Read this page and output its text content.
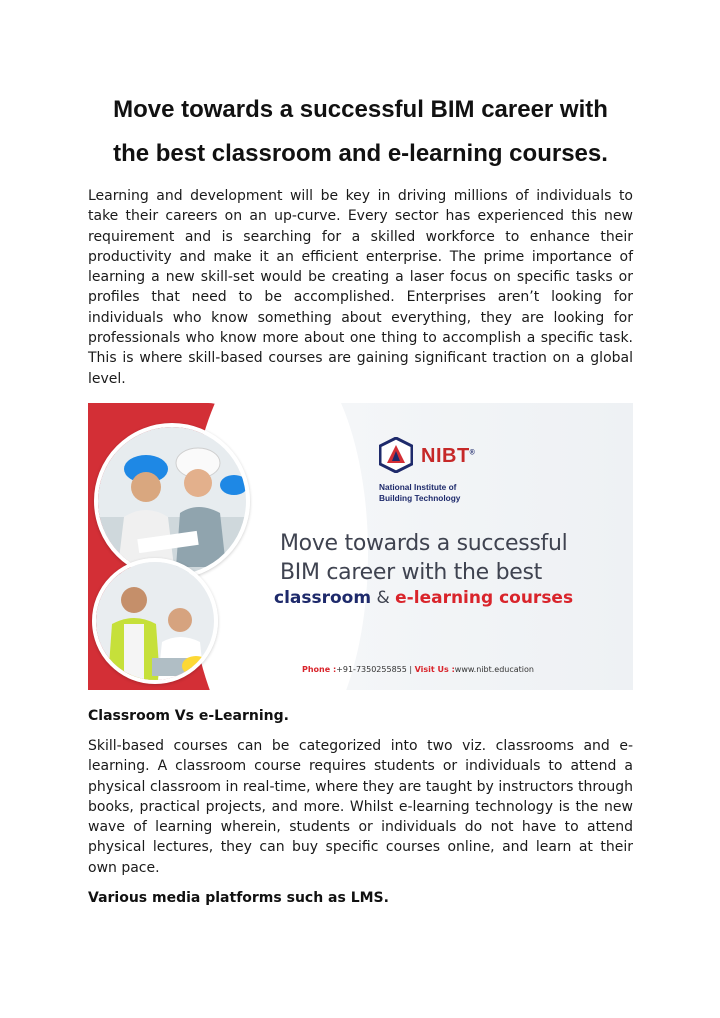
Move towards a successful BIM career with
the best classroom and e-learning courses.

Learning and development will be key in driving millions of individuals to take their careers on an up-curve. Every sector has experienced this new requirement and is searching for a skilled workforce to enhance their productivity and make it an efficient enterprise. The prime importance of learning a new skill-set would be creating a laser focus on specific tasks or profiles that need to be accomplished. Enterprises aren’t looking for individuals who know something about everything, they are looking for professionals who know more about one thing to accomplish a specific task. This is where skill-based courses are gaining significant traction on a global level.

NIBT®
National Institute of
Building Technology
Move towards a successful
BIM career with the best
classroom & e-learning courses
Phone :+91-7350255855 | Visit Us :www.nibt.education
Classroom Vs e-Learning.

Skill-based courses can be categorized into two viz. classrooms and e-learning. A classroom course requires students or individuals to attend a physical classroom in real-time, where they are taught by instructors through books, practical projects, and more. Whilst e-learning technology is the new wave of learning wherein, students or individuals do not have to attend physical lectures, they can buy specific courses online, and learn at their own pace.

Various media platforms such as LMS.
